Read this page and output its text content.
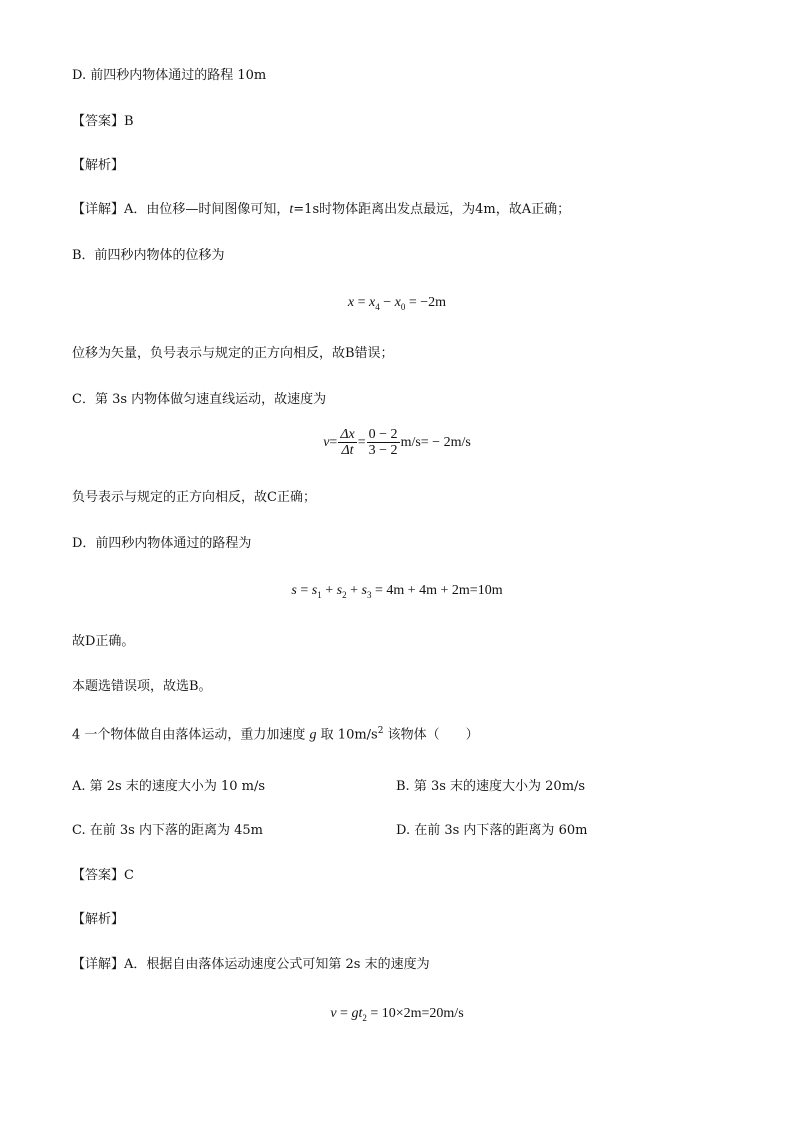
D. 前四秒内物体通过的路程 10m
【答案】B
【解析】
【详解】A．由位移—时间图像可知，t=1s时物体距离出发点最远，为4m，故A正确；
B．前四秒内物体的位移为
$x = x_4 - x_0 = -2m$
位移为矢量，负号表示与规定的正方向相反，故B错误；
C．第 3s 内物体做匀速直线运动，故速度为
$v= \frac{\Delta x}{\Delta t} = \frac{0 - 2}{3 - 2} m/s= - 2m/s$
负号表示与规定的正方向相反，故C正确；
D．前四秒内物体通过的路程为
$s = s_1 + s_2 + s_3 = 4m + 4m + 2m=10m$
故D正确。
本题选错误项，故选B。
4 一个物体做自由落体运动，重力加速度 g 取 $10m/s^2$ 该物体（　　）
A. 第 2s 末的速度大小为 10 m/s	B. 第 3s 末的速度大小为 20m/s
C. 在前 3s 内下落的距离为 45m	D. 在前 3s 内下落的距离为 60m
【答案】C
【解析】
【详解】A．根据自由落体运动速度公式可知第 2s 末的速度为
$v = gt_2 = 10\times 2m=20m/s$
